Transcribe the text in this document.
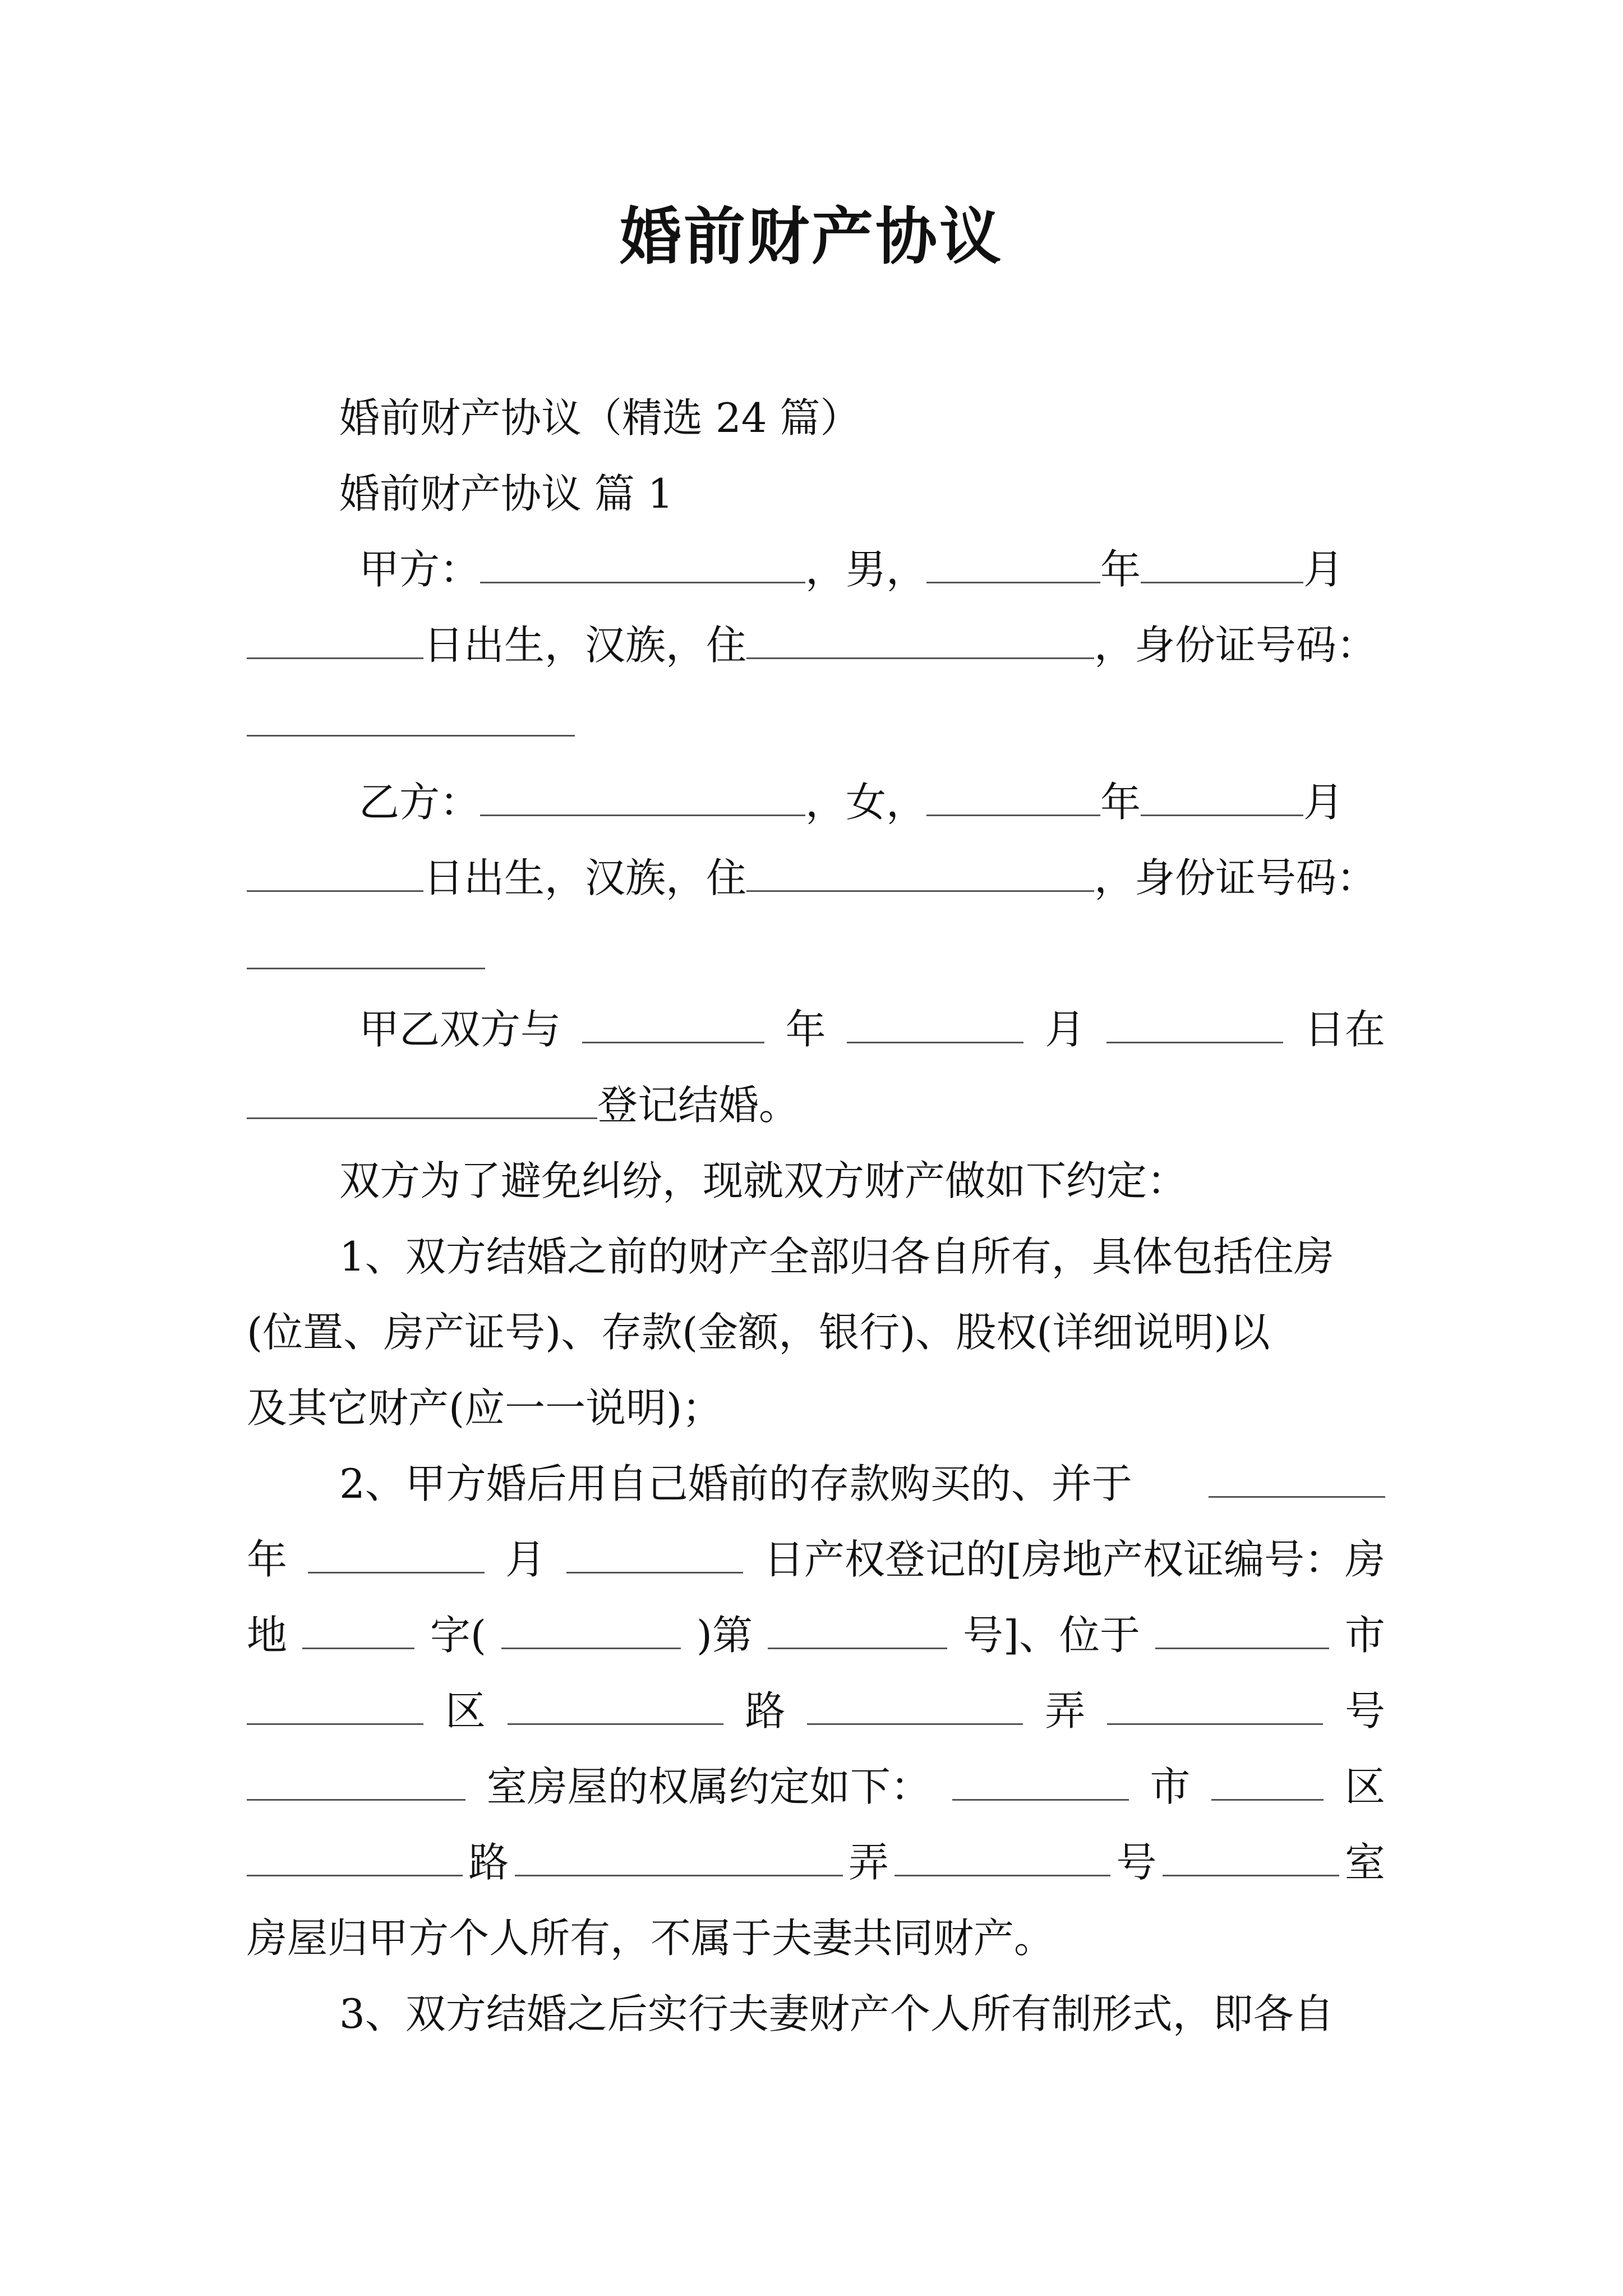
婚前财产协议
婚前财产协议（精选 24 篇）
婚前财产协议 篇 1
甲方：	，男，	年	月
日出生，汉族，住	，身份证号码：
乙方：	，女，	年	月
日出生，汉族，住	，身份证号码：
甲乙双方与	年	月	日在
登记结婚。
双方为了避免纠纷，现就双方财产做如下约定：
1、双方结婚之前的财产全部归各自所有，具体包括住房
(位置、房产证号)、存款(金额，银行)、股权(详细说明)以
及其它财产(应一一说明)；
2、甲方婚后用自己婚前的存款购买的、并于
年	月	日产权登记的[房地产权证编号：房
地	字(	)第	号]、位于	市
区	路	弄	号
室房屋的权属约定如下：	市	区
路	弄	号	室
房屋归甲方个人所有，不属于夫妻共同财产。
3、双方结婚之后实行夫妻财产个人所有制形式，即各自
